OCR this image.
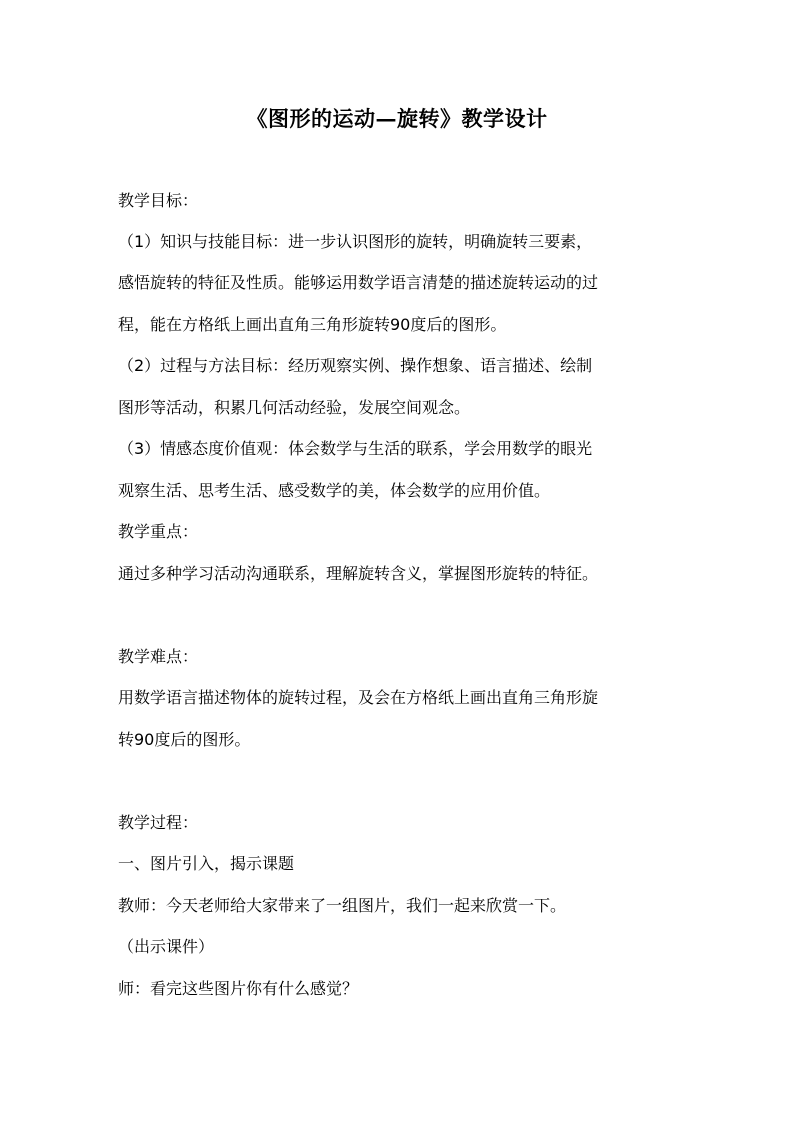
《图形的运动—旋转》教学设计

教学目标：

（1）知识与技能目标：进一步认识图形的旋转，明确旋转三要素，

感悟旋转的特征及性质。能够运用数学语言清楚的描述旋转运动的过

程，能在方格纸上画出直角三角形旋转90度后的图形。

（2）过程与方法目标：经历观察实例、操作想象、语言描述、绘制

图形等活动，积累几何活动经验，发展空间观念。

（3）情感态度价值观：体会数学与生活的联系，学会用数学的眼光

观察生活、思考生活、感受数学的美，体会数学的应用价值。

教学重点：

通过多种学习活动沟通联系，理解旋转含义，掌握图形旋转的特征。

教学难点：

用数学语言描述物体的旋转过程，及会在方格纸上画出直角三角形旋

转90度后的图形。

教学过程：

一、图片引入，揭示课题

教师：今天老师给大家带来了一组图片，我们一起来欣赏一下。

（出示课件）

师：看完这些图片你有什么感觉？
